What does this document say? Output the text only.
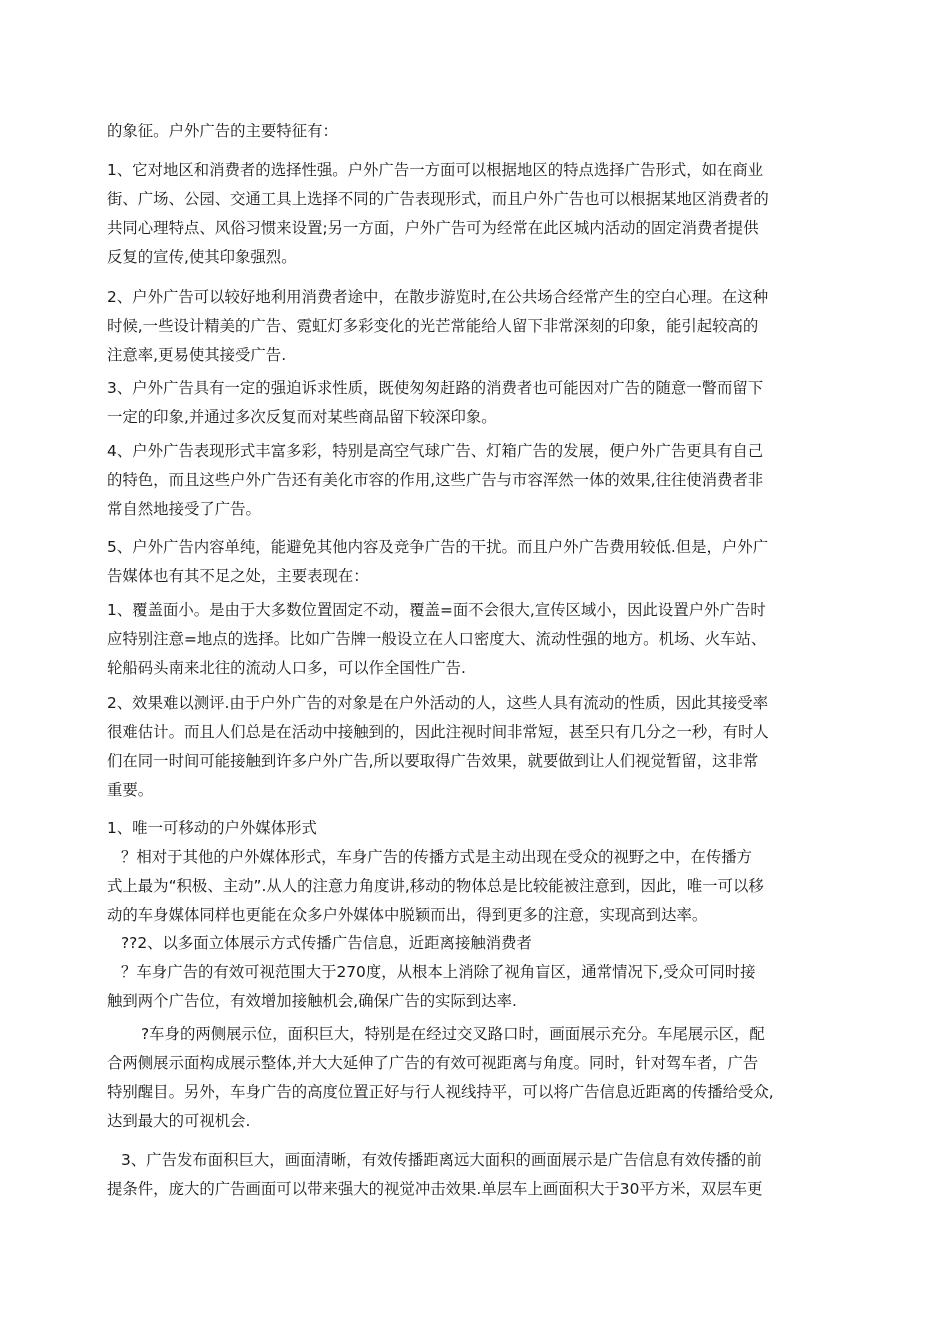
的象征。户外广告的主要特征有：
1、它对地区和消费者的选择性强。户外广告一方面可以根据地区的特点选择广告形式，如在商业
街、广场、公园、交通工具上选择不同的广告表现形式，而且户外广告也可以根据某地区消费者的
共同心理特点、风俗习惯来设置;另一方面，户外广告可为经常在此区城内活动的固定消费者提供
反复的宣传,使其印象强烈。
2、户外广告可以较好地利用消费者途中，在散步游览时,在公共场合经常产生的空白心理。在这种
时候,一些设计精美的广告、霓虹灯多彩变化的光芒常能给人留下非常深刻的印象，能引起较高的
注意率,更易使其接受广告.
3、户外广告具有一定的强迫诉求性质，既使匆匆赶路的消费者也可能因对广告的随意一瞥而留下
一定的印象,并通过多次反复而对某些商品留下较深印象。
4、户外广告表现形式丰富多彩，特别是高空气球广告、灯箱广告的发展，便户外广告更具有自己
的特色，而且这些户外广告还有美化市容的作用,这些广告与市容浑然一体的效果,往往使消费者非
常自然地接受了广告。
5、户外广告内容单纯，能避免其他内容及竞争广告的干扰。而且户外广告费用较低.但是，户外广
告媒体也有其不足之处，主要表现在：
1、覆盖面小。是由于大多数位置固定不动，覆盖=面不会很大,宣传区域小，因此设置户外广告时
应特别注意=地点的选择。比如广告牌一般设立在人口密度大、流动性强的地方。机场、火车站、
轮船码头南来北往的流动人口多，可以作全国性广告.
2、效果难以测评.由于户外广告的对象是在户外活动的人，这些人具有流动的性质，因此其接受率
很难估计。而且人们总是在活动中接触到的，因此注视时间非常短，甚至只有几分之一秒，有时人
们在同一时间可能接触到许多户外广告,所以要取得广告效果，就要做到让人们视觉暂留，这非常
重要。
1、唯一可移动的户外媒体形式
？相对于其他的户外媒体形式，车身广告的传播方式是主动出现在受众的视野之中，在传播方
式上最为“积极、主动”.从人的注意力角度讲,移动的物体总是比较能被注意到，因此，唯一可以移
动的车身媒体同样也更能在众多户外媒体中脱颖而出，得到更多的注意，实现高到达率。
??2、以多面立体展示方式传播广告信息，近距离接触消费者
？车身广告的有效可视范围大于270度，从根本上消除了视角盲区，通常情况下,受众可同时接
触到两个广告位，有效增加接触机会,确保广告的实际到达率.
?车身的两侧展示位，面积巨大，特别是在经过交叉路口时，画面展示充分。车尾展示区，配
合两侧展示面构成展示整体,并大大延伸了广告的有效可视距离与角度。同时，针对驾车者，广告
特别醒目。另外，车身广告的高度位置正好与行人视线持平，可以将广告信息近距离的传播给受众,
达到最大的可视机会.
3、广告发布面积巨大，画面清晰，有效传播距离远大面积的画面展示是广告信息有效传播的前
提条件，庞大的广告画面可以带来强大的视觉冲击效果.单层车上画面积大于30平方米，双层车更
